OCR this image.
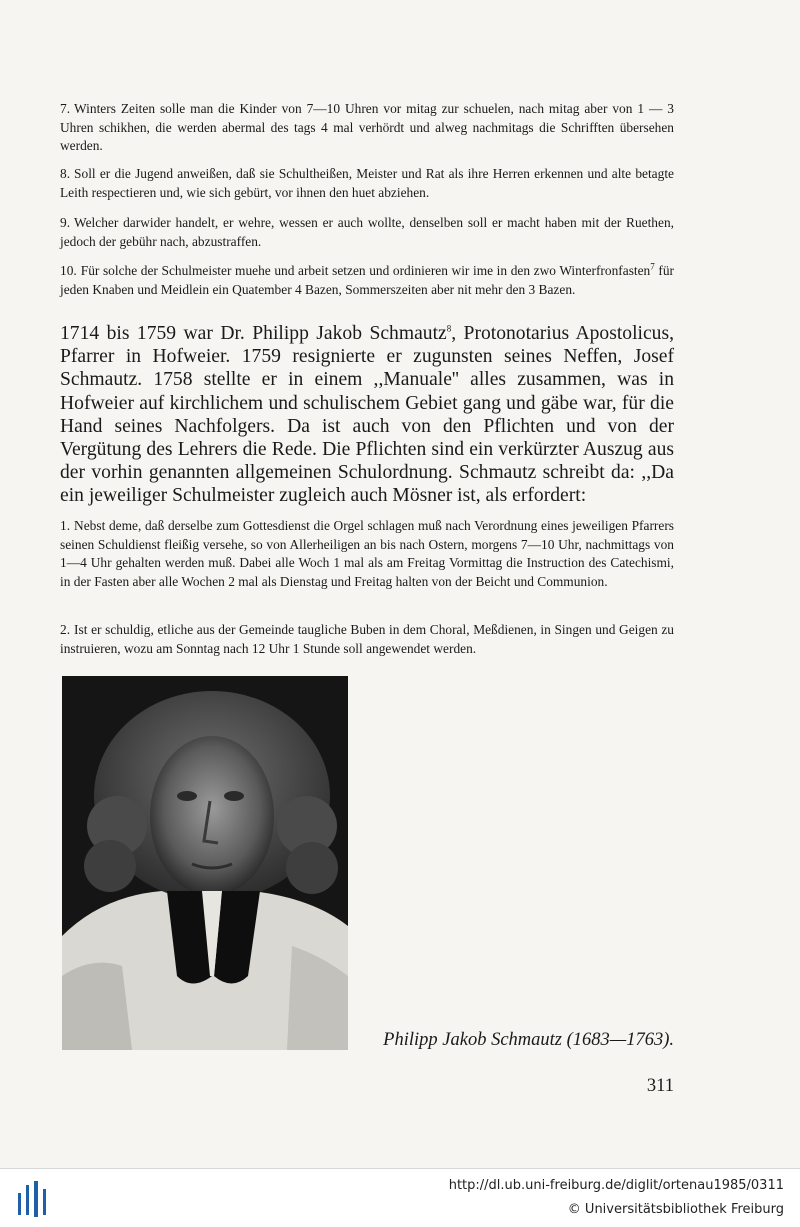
7. Winters Zeiten solle man die Kinder von 7—10 Uhren vor mitag zur schuelen, nach mitag aber von 1 — 3 Uhren schikhen, die werden abermal des tags 4 mal verhördt und alweg nachmitags die Schrifften übersehen werden.
8. Soll er die Jugend anweißen, daß sie Schultheißen, Meister und Rat als ihre Herren erkennen und alte betagte Leith respectieren und, wie sich gebürt, vor ihnen den huet abziehen.
9. Welcher darwider handelt, er wehre, wessen er auch wollte, denselben soll er macht haben mit der Ruethen, jedoch der gebühr nach, abzustraffen.
10. Für solche der Schulmeister muehe und arbeit setzen und ordinieren wir ime in den zwo Winterfronfasten$^7$ für jeden Knaben und Meidlein ein Quatember 4 Bazen, Sommerszeiten aber nit mehr den 3 Bazen.
1714 bis 1759 war Dr. Philipp Jakob Schmautz$^8$, Protonotarius Apostolicus, Pfarrer in Hofweier. 1759 resignierte er zugunsten seines Neffen, Josef Schmautz. 1758 stellte er in einem ,,Manuale'' alles zusammen, was in Hofweier auf kirchlichem und schulischem Gebiet gang und gäbe war, für die Hand seines Nachfolgers. Da ist auch von den Pflichten und von der Vergütung des Lehrers die Rede. Die Pflichten sind ein verkürzter Auszug aus der vorhin genannten allgemeinen Schulordnung. Schmautz schreibt da: ,,Da ein jeweiliger Schulmeister zugleich auch Mösner ist, als erfordert:
1. Nebst deme, daß derselbe zum Gottesdienst die Orgel schlagen muß nach Verordnung eines jeweiligen Pfarrers seinen Schuldienst fleißig versehe, so von Allerheiligen an bis nach Ostern, morgens 7—10 Uhr, nachmittags von 1—4 Uhr gehalten werden muß. Dabei alle Woch 1 mal als am Freitag Vormittag die Instruction des Catechismi, in der Fasten aber alle Wochen 2 mal als Dienstag und Freitag halten von der Beicht und Communion.
2. Ist er schuldig, etliche aus der Gemeinde taugliche Buben in dem Choral, Meßdienen, in Singen und Geigen zu instruieren, wozu am Sonntag nach 12 Uhr 1 Stunde soll angewendet werden.
Philipp Jakob Schmautz (1683—1763).
311
http://dl.ub.uni-freiburg.de/diglit/ortenau1985/0311
© Universitätsbibliothek Freiburg
